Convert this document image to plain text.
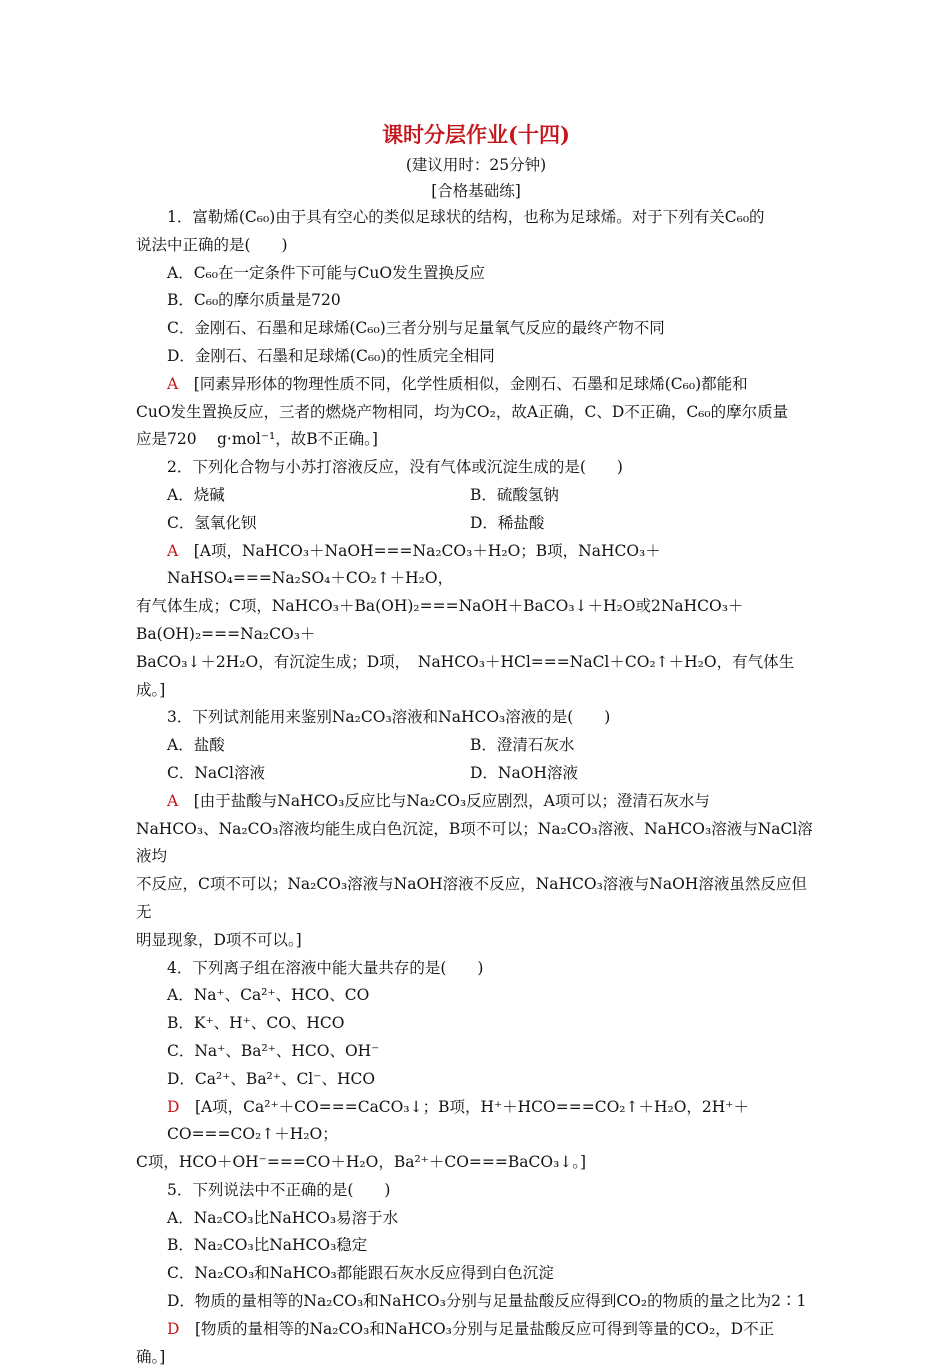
课时分层作业(十四)
(建议用时：25分钟)
[合格基础练]
1．富勒烯(C₆₀)由于具有空心的类似足球状的结构，也称为足球烯。对于下列有关C₆₀的
说法中正确的是(　　)
A．C₆₀在一定条件下可能与CuO发生置换反应
B．C₆₀的摩尔质量是720
C．金刚石、石墨和足球烯(C₆₀)三者分别与足量氧气反应的最终产物不同
D．金刚石、石墨和足球烯(C₆₀)的性质完全相同
A　[同素异形体的物理性质不同，化学性质相似，金刚石、石墨和足球烯(C₆₀)都能和
CuO发生置换反应，三者的燃烧产物相同，均为CO₂，故A正确，C、D不正确，C₆₀的摩尔质量
应是720　 g·mol⁻¹，故B不正确。]
2．下列化合物与小苏打溶液反应，没有气体或沉淀生成的是(　　)
A．烧碱	B．硫酸氢钠
C．氢氧化钡	D．稀盐酸
A　[A项，NaHCO₃＋NaOH===Na₂CO₃＋H₂O；B项，NaHCO₃＋NaHSO₄===Na₂SO₄＋CO₂↑＋H₂O，
有气体生成；C项，NaHCO₃＋Ba(OH)₂===NaOH＋BaCO₃↓＋H₂O或2NaHCO₃＋Ba(OH)₂===Na₂CO₃＋
BaCO₃↓＋2H₂O，有沉淀生成；D项，　NaHCO₃＋HCl===NaCl＋CO₂↑＋H₂O，有气体生成。]
3．下列试剂能用来鉴别Na₂CO₃溶液和NaHCO₃溶液的是(　　)
A．盐酸	B．澄清石灰水
C．NaCl溶液	D．NaOH溶液
A　[由于盐酸与NaHCO₃反应比与Na₂CO₃反应剧烈，A项可以；澄清石灰水与
NaHCO₃、Na₂CO₃溶液均能生成白色沉淀，B项不可以；Na₂CO₃溶液、NaHCO₃溶液与NaCl溶液均
不反应，C项不可以；Na₂CO₃溶液与NaOH溶液不反应，NaHCO₃溶液与NaOH溶液虽然反应但无
明显现象，D项不可以。]
4．下列离子组在溶液中能大量共存的是(　　)
A．Na⁺、Ca²⁺、HCO、CO
B．K⁺、H⁺、CO、HCO
C．Na⁺、Ba²⁺、HCO、OH⁻
D．Ca²⁺、Ba²⁺、Cl⁻、HCO
D　[A项，Ca²⁺＋CO===CaCO₃↓；B项，H⁺＋HCO===CO₂↑＋H₂O，2H⁺＋CO===CO₂↑＋H₂O；
C项，HCO＋OH⁻===CO＋H₂O，Ba²⁺＋CO===BaCO₃↓。]
5．下列说法中不正确的是(　　)
A．Na₂CO₃比NaHCO₃易溶于水
B．Na₂CO₃比NaHCO₃稳定
C．Na₂CO₃和NaHCO₃都能跟石灰水反应得到白色沉淀
D．物质的量相等的Na₂CO₃和NaHCO₃分别与足量盐酸反应得到CO₂的物质的量之比为2∶1
D　[物质的量相等的Na₂CO₃和NaHCO₃分别与足量盐酸反应可得到等量的CO₂，D不正
确。]
